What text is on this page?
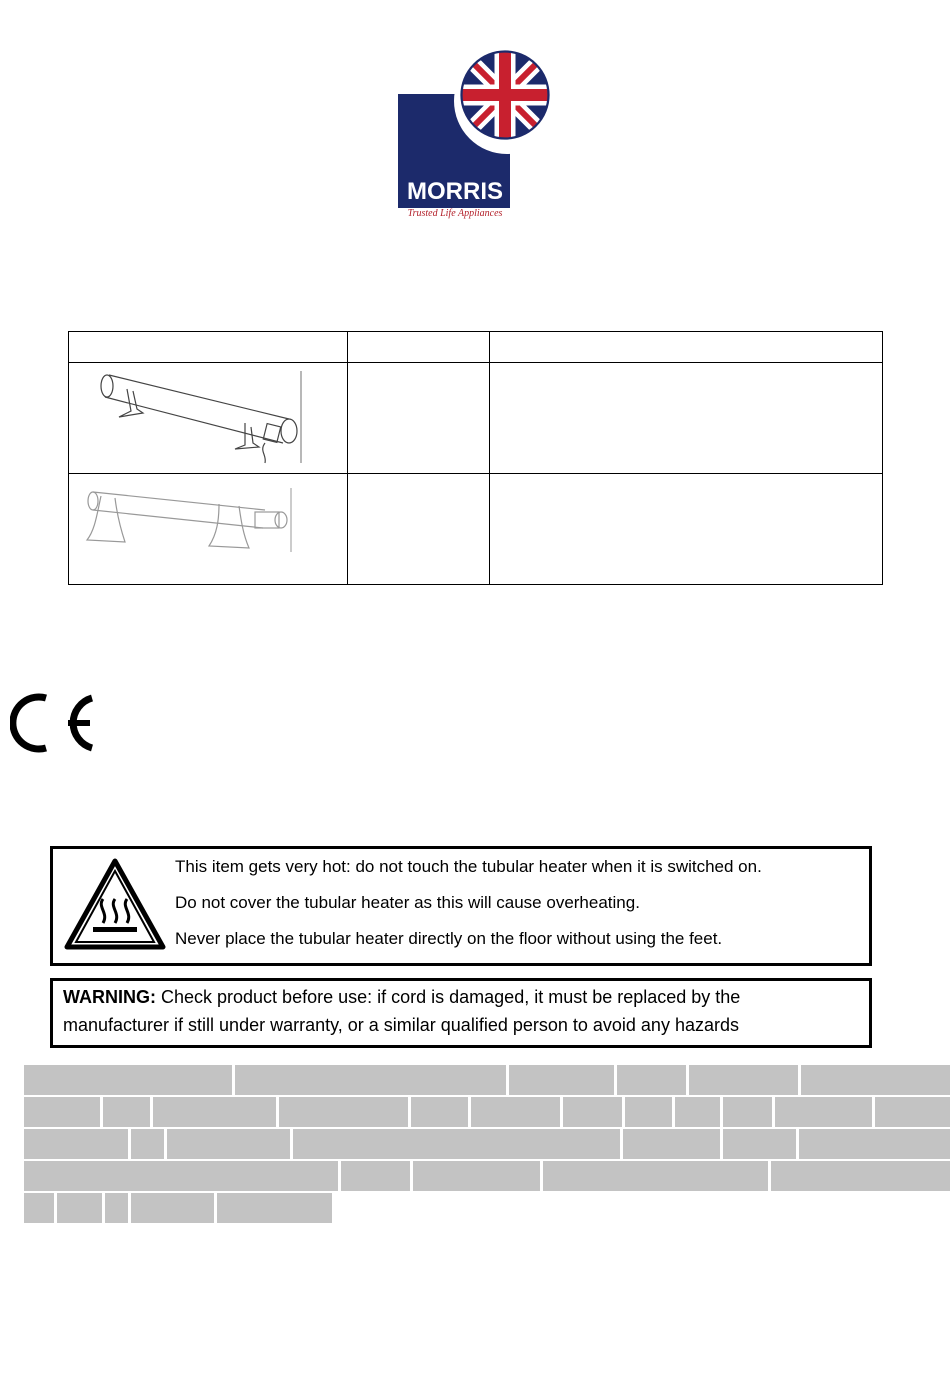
MORRIS
Trusted Life Appliances

This item gets very hot: do not touch the tubular heater when it is switched on.
Do not cover the tubular heater as this will cause overheating.
Never place the tubular heater directly on the floor without using the feet.
WARNING: Check product before use: if cord is damaged, it must be replaced by the
manufacturer if still under warranty, or a similar qualified person to avoid any hazards
